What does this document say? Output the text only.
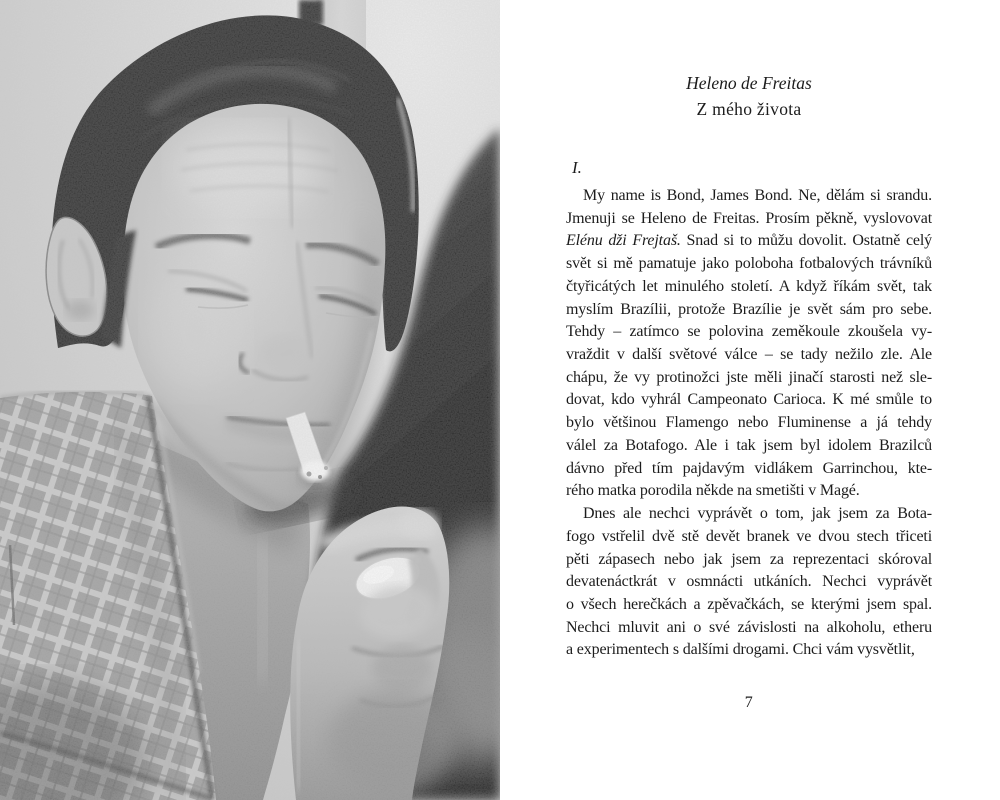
Heleno de Freitas
Z mého života
I.
My name is Bond, James Bond. Ne, dělám si srandu.
Jmenuji se Heleno de Freitas. Prosím pěkně, vyslovovat
Elénu dži Frejtaš. Snad si to můžu dovolit. Ostatně celý
svět si mě pamatuje jako poloboha fotbalových trávníků
čtyřicátých let minulého století. A když říkám svět, tak
myslím Brazílii, protože Brazílie je svět sám pro sebe.
Tehdy – zatímco se polovina zeměkoule zkoušela vy-
vraždit v další světové válce – se tady nežilo zle. Ale
chápu, že vy protinožci jste měli jinačí starosti než sle-
dovat, kdo vyhrál Campeonato Carioca. K mé smůle to
bylo většinou Flamengo nebo Fluminense a já tehdy
válel za Botafogo. Ale i tak jsem byl idolem Brazilců
dávno před tím pajdavým vidlákem Garrinchou, kte-
rého matka porodila někde na smetišti v Magé.
Dnes ale nechci vyprávět o tom, jak jsem za Bota-
fogo vstřelil dvě stě devět branek ve dvou stech třiceti
pěti zápasech nebo jak jsem za reprezentaci skóroval
devatenáctkrát v osmnácti utkáních. Nechci vyprávět
o všech herečkách a zpěvačkách, se kterými jsem spal.
Nechci mluvit ani o své závislosti na alkoholu, etheru
a experimentech s dalšími drogami. Chci vám vysvětlit,
7
